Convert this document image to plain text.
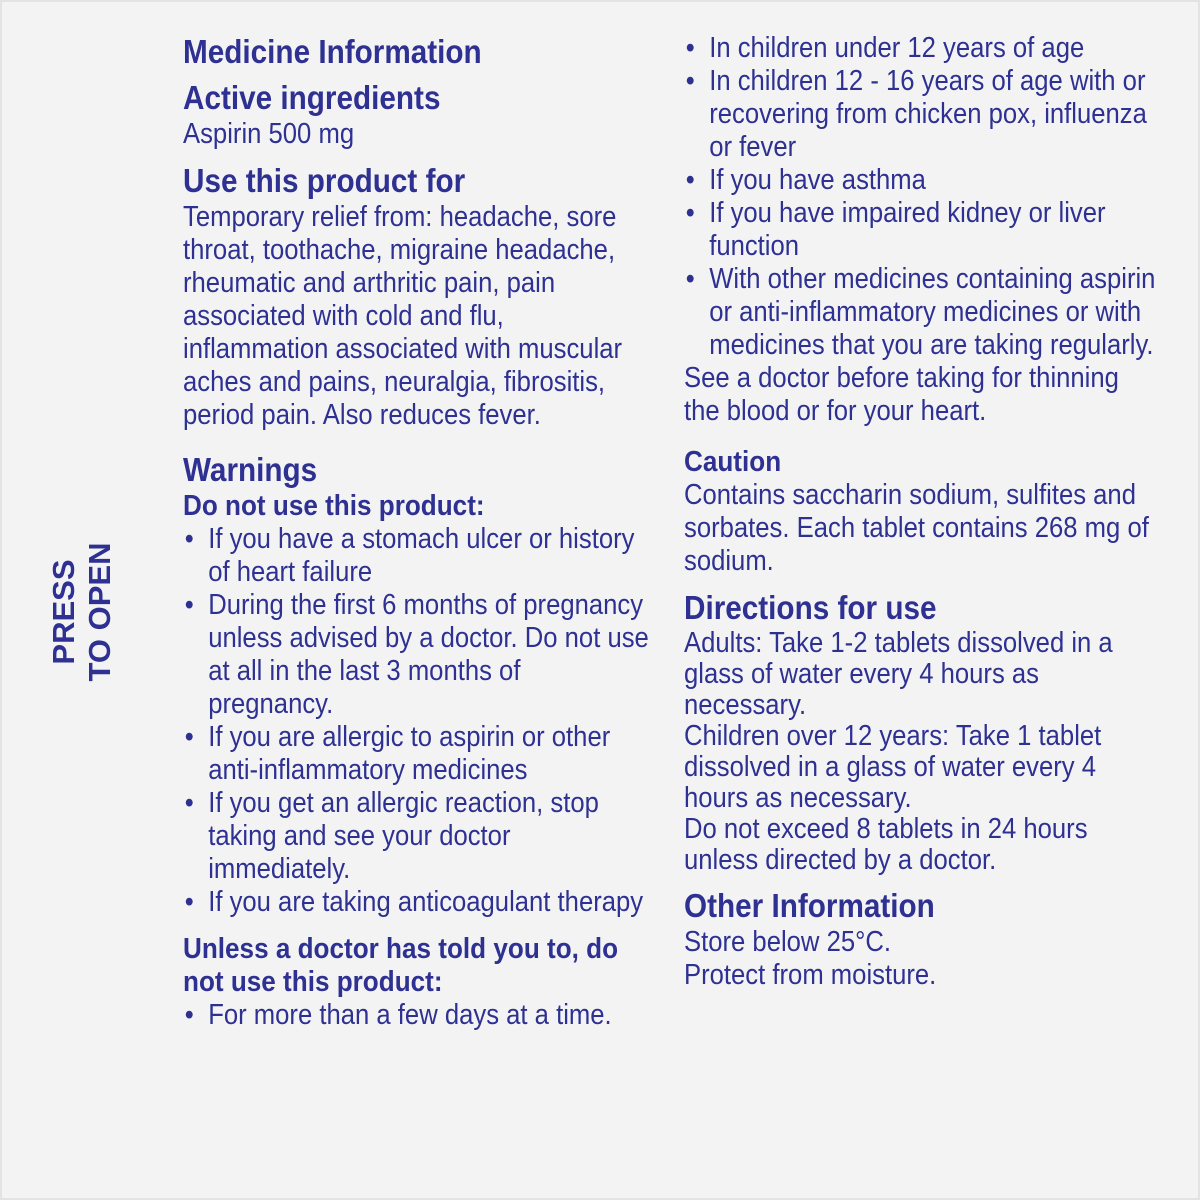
PRESS TO OPEN
Medicine Information
Active ingredients

Aspirin 500 mg

Use this product for

Temporary relief from: headache, sore throat, toothache, migraine headache, rheumatic and arthritic pain, pain associated with cold and flu, inflammation associated with muscular aches and pains, neuralgia, fibrositis, period pain. Also reduces fever.

Warnings
Do not use this product:
• If you have a stomach ulcer or history of heart failure
• During the first 6 months of pregnancy unless advised by a doctor. Do not use at all in the last 3 months of pregnancy.
• If you are allergic to aspirin or other anti-inflammatory medicines
• If you get an allergic reaction, stop taking and see your doctor immediately.
• If you are taking anticoagulant therapy
Unless a doctor has told you to, do not use this product:
• For more than a few days at a time.
• In children under 12 years of age
• In children 12 - 16 years of age with or recovering from chicken pox, influenza or fever
• If you have asthma
• If you have impaired kidney or liver function
• With other medicines containing aspirin or anti-inflammatory medicines or with medicines that you are taking regularly.

See a doctor before taking for thinning the blood or for your heart.

Caution

Contains saccharin sodium, sulfites and sorbates. Each tablet contains 268 mg of sodium.

Directions for use

Adults: Take 1-2 tablets dissolved in a glass of water every 4 hours as necessary.

Children over 12 years: Take 1 tablet dissolved in a glass of water every 4 hours as necessary.

Do not exceed 8 tablets in 24 hours unless directed by a doctor.

Other Information

Store below 25°C.

Protect from moisture.
